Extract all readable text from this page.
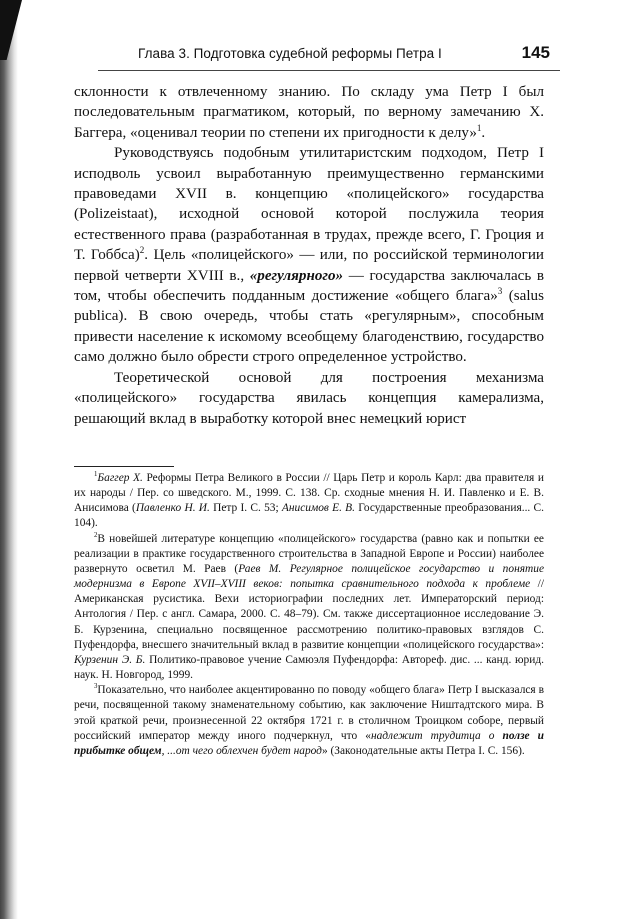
Глава 3. Подготовка судебной реформы Петра I	145

склонности к отвлеченному знанию. По складу ума Петр I был последовательным прагматиком, который, по верному замечанию X. Баггера, «оценивал теории по степени их пригодности к делу»$^1$.

Руководствуясь подобным утилитаристским подходом, Петр I исподволь усвоил выработанную преимущественно германскими правоведами XVII в. концепцию «полицейского» государства (Polizeistaat), исходной основой которой послужила теория естественного права (разработанная в трудах, прежде всего, Г. Гроция и Т. Гоббса)$^2$. Цель «полицейского» — или, по российской терминологии первой четверти XVIII в., «регулярного» — государства заключалась в том, чтобы обеспечить подданным достижение «общего блага»$^3$ (salus publica). В свою очередь, чтобы стать «регулярным», способным привести население к искомому всеобщему благоденствию, государство само должно было обрести строго определенное устройство.

Теоретической основой для построения механизма «полицейского» государства явилась концепция камерализма, решающий вклад в выработку которой внес немецкий юрист

$^1$Баггер X. Реформы Петра Великого в России // Царь Петр и король Карл: два правителя и их народы / Пер. со шведского. М., 1999. С. 138. Ср. сходные мнения Н. И. Павленко и Е. В. Анисимова (Павленко Н. И. Петр I. С. 53; Анисимов Е. В. Государственные преобразования... С. 104).

$^2$В новейшей литературе концепцию «полицейского» государства (равно как и попытки ее реализации в практике государственного строительства в Западной Европе и России) наиболее развернуто осветил М. Раев (Раев М. Регулярное полицейское государство и понятие модернизма в Европе XVII–XVIII веков: попытка сравнительного подхода к проблеме // Американская русистика. Вехи историографии последних лет. Императорский период: Антология / Пер. с англ. Самара, 2000. С. 48–79). См. также диссертационное исследование Э. Б. Курзенина, специально посвященное рассмотрению политико-правовых взглядов С. Пуфендорфа, внесшего значительный вклад в развитие концепции «полицейского государства»: Курзенин Э. Б. Политико-правовое учение Самюэля Пуфендорфа: Автореф. дис. ... канд. юрид. наук. Н. Новгород, 1999.

$^3$Показательно, что наиболее акцентированно по поводу «общего блага» Петр I высказался в речи, посвященной такому знаменательному событию, как заключение Ништадтского мира. В этой краткой речи, произнесенной 22 октября 1721 г. в столичном Троицком соборе, первый российский император между иного подчеркнул, что «надлежит трудитца о ползе и прибытке общем, ...от чего облехчен будет народ» (Законодательные акты Петра I. С. 156).
